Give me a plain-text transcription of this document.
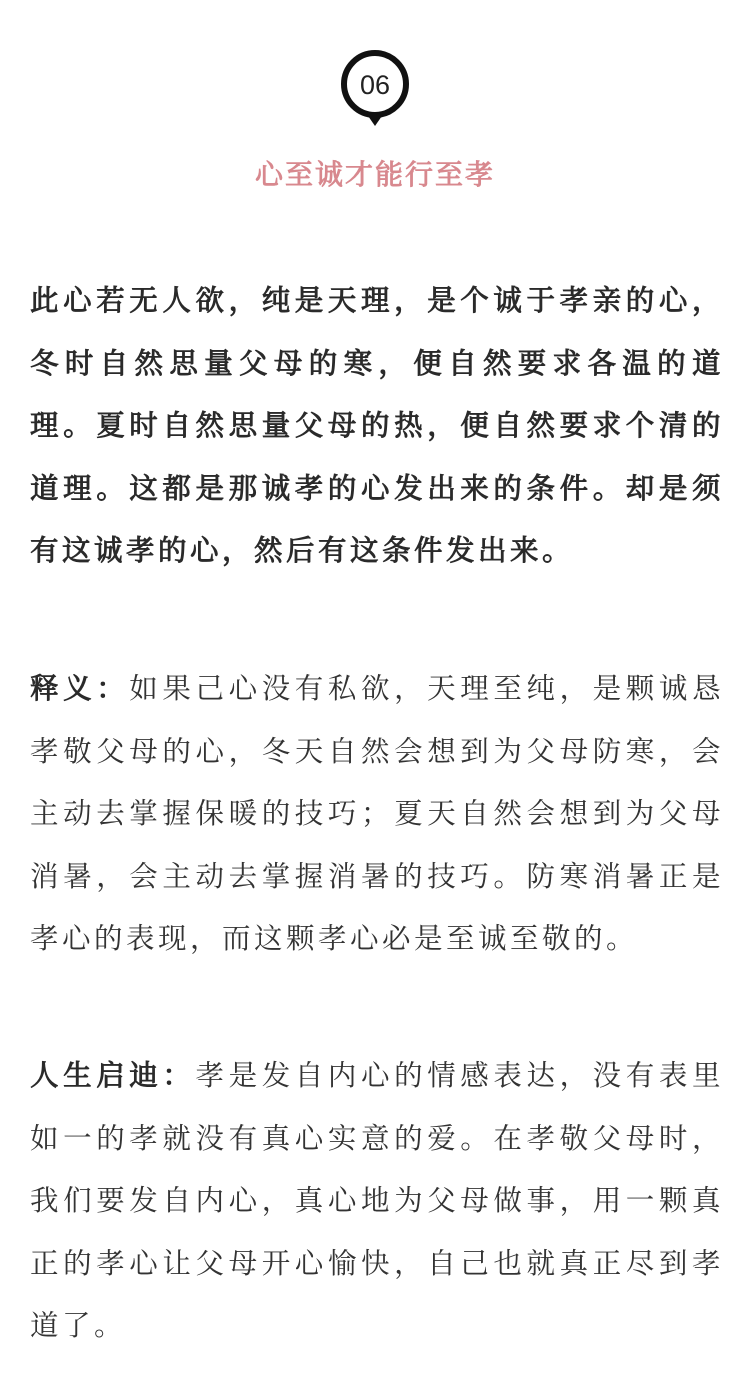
06
心至诚才能行至孝

此心若无人欲，纯是天理，是个诚于孝亲的心，冬时自然思量父母的寒，便自然要求各温的道理。夏时自然思量父母的热，便自然要求个清的道理。这都是那诚孝的心发出来的条件。却是须有这诚孝的心，然后有这条件发出来。

释义：如果己心没有私欲，天理至纯，是颗诚恳孝敬父母的心，冬天自然会想到为父母防寒，会主动去掌握保暖的技巧；夏天自然会想到为父母消暑，会主动去掌握消暑的技巧。防寒消暑正是孝心的表现，而这颗孝心必是至诚至敬的。

人生启迪：孝是发自内心的情感表达，没有表里如一的孝就没有真心实意的爱。在孝敬父母时，我们要发自内心，真心地为父母做事，用一颗真正的孝心让父母开心愉快，自己也就真正尽到孝道了。
